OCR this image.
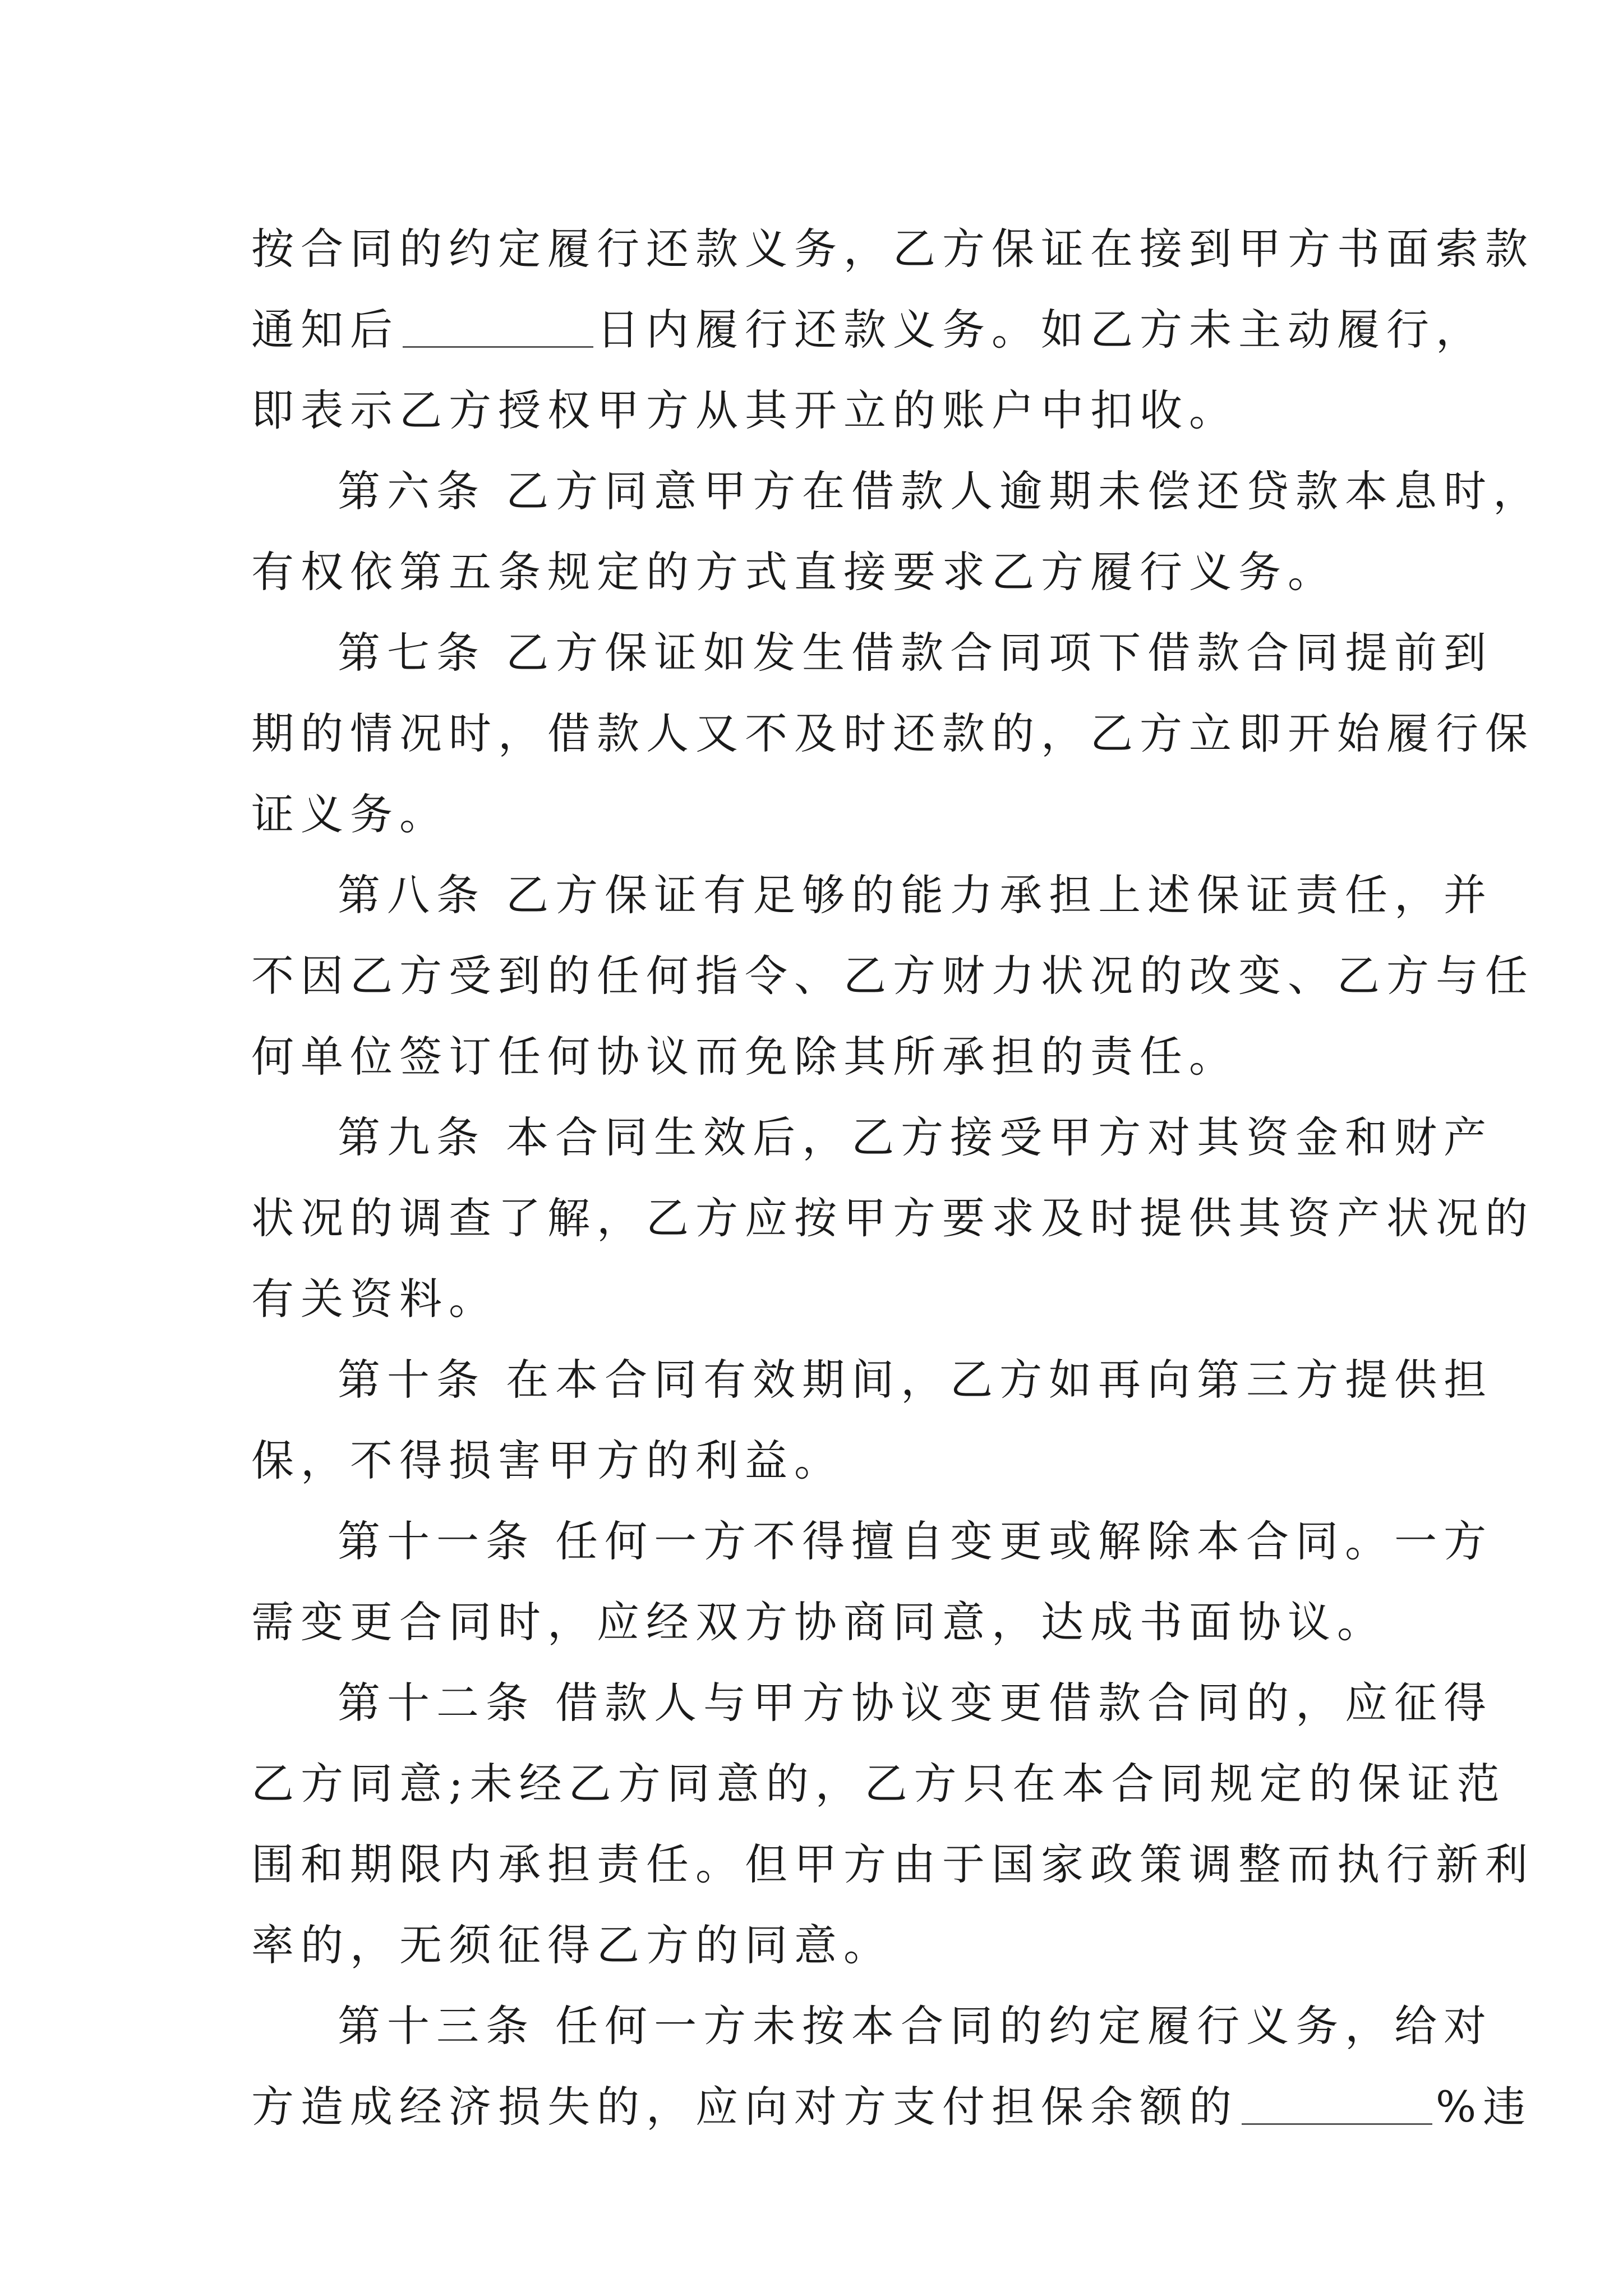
按合同的约定履行还款义务，乙方保证在接到甲方书面索款
通知后	日内履行还款义务。如乙方未主动履行，
即表示乙方授权甲方从其开立的账户中扣收。
第六条 乙方同意甲方在借款人逾期未偿还贷款本息时，
有权依第五条规定的方式直接要求乙方履行义务。
第七条 乙方保证如发生借款合同项下借款合同提前到
期的情况时，借款人又不及时还款的，乙方立即开始履行保
证义务。
第八条 乙方保证有足够的能力承担上述保证责任，并
不因乙方受到的任何指令、乙方财力状况的改变、乙方与任
何单位签订任何协议而免除其所承担的责任。
第九条 本合同生效后，乙方接受甲方对其资金和财产
状况的调查了解，乙方应按甲方要求及时提供其资产状况的
有关资料。
第十条 在本合同有效期间，乙方如再向第三方提供担
保，不得损害甲方的利益。
第十一条 任何一方不得擅自变更或解除本合同。一方
需变更合同时，应经双方协商同意，达成书面协议。
第十二条 借款人与甲方协议变更借款合同的，应征得
乙方同意;未经乙方同意的，乙方只在本合同规定的保证范
围和期限内承担责任。但甲方由于国家政策调整而执行新利
率的，无须征得乙方的同意。
第十三条 任何一方未按本合同的约定履行义务，给对
方造成经济损失的，应向对方支付担保余额的	%违
